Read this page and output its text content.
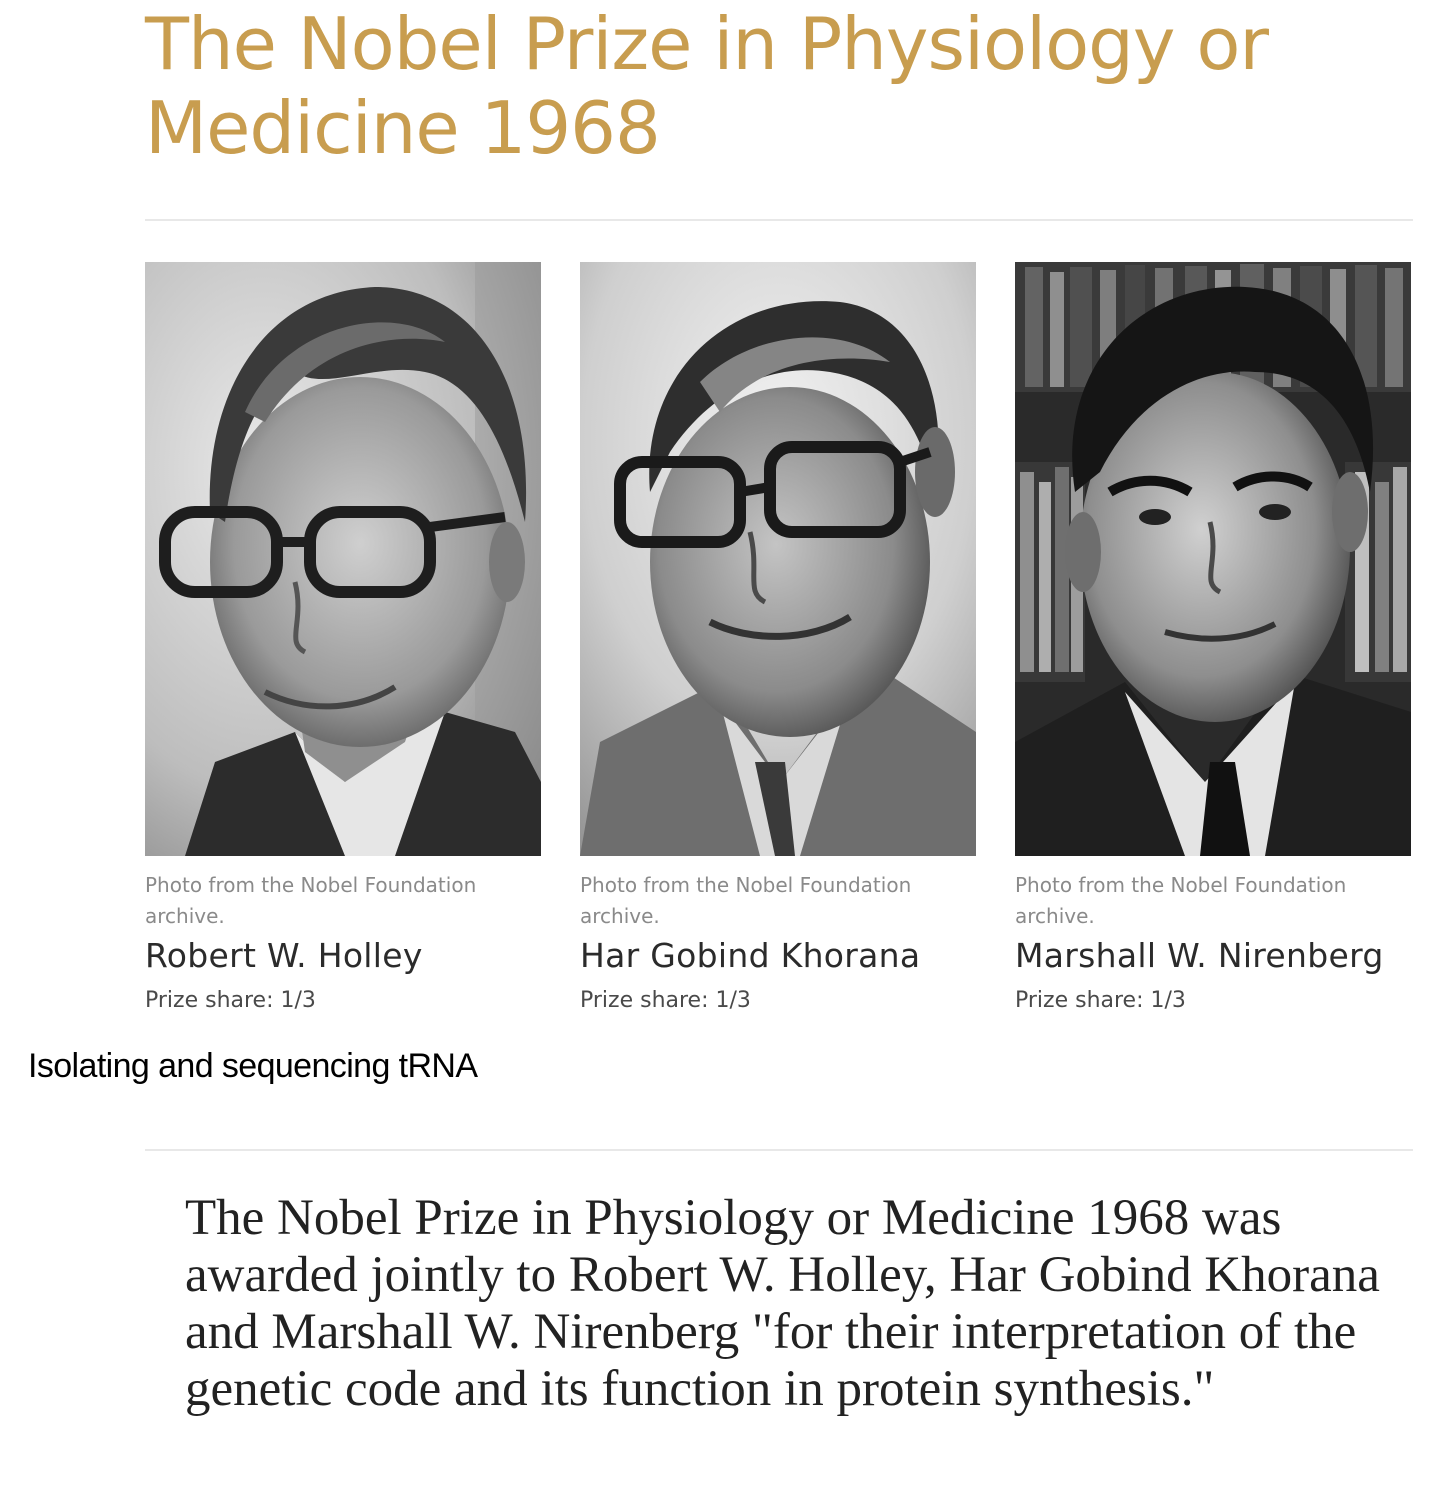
The Nobel Prize in Physiology or Medicine 1968
Photo from the Nobel Foundation archive.
Robert W. Holley
Prize share: 1/3
Photo from the Nobel Foundation archive.
Har Gobind Khorana
Prize share: 1/3
Photo from the Nobel Foundation archive.
Marshall W. Nirenberg
Prize share: 1/3
Isolating and sequencing tRNA

The Nobel Prize in Physiology or Medicine 1968 was awarded jointly to Robert W. Holley, Har Gobind Khorana and Marshall W. Nirenberg "for their interpretation of the genetic code and its function in protein synthesis."
